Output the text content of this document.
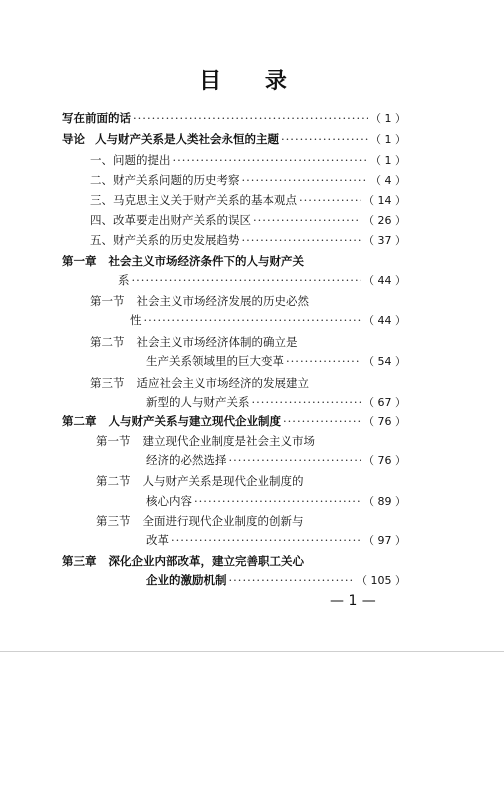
目 录
写在前面的话 ·····	（ 1 ）
导论 人与财产关系是人类社会永恒的主题 ·····	（ 1 ）
一、问题的提出 ·····	（ 1 ）
二、财产关系问题的历史考察 ·····	（ 4 ）
三、马克思主义关于财产关系的基本观点 ·····	（ 14 ）
四、改革要走出财产关系的误区 ·····	（ 26 ）
五、财产关系的历史发展趋势 ·····	（ 37 ）
第一章 社会主义市场经济条件下的人与财产关
系 ·····	（ 44 ）
第一节 社会主义市场经济发展的历史必然
性 ·····	（ 44 ）
第二节 社会主义市场经济体制的确立是
生产关系领域里的巨大变革 ·····	（ 54 ）
第三节 适应社会主义市场经济的发展建立
新型的人与财产关系 ·····	（ 67 ）
第二章 人与财产关系与建立现代企业制度 ·····	（ 76 ）
第一节 建立现代企业制度是社会主义市场
经济的必然选择 ·····	（ 76 ）
第二节 人与财产关系是现代企业制度的
核心内容 ·····	（ 89 ）
第三节 全面进行现代企业制度的创新与
改革 ·····	（ 97 ）
第三章 深化企业内部改革，建立完善职工关心
企业的激励机制 ·····	（ 105 ）
— 1 —
